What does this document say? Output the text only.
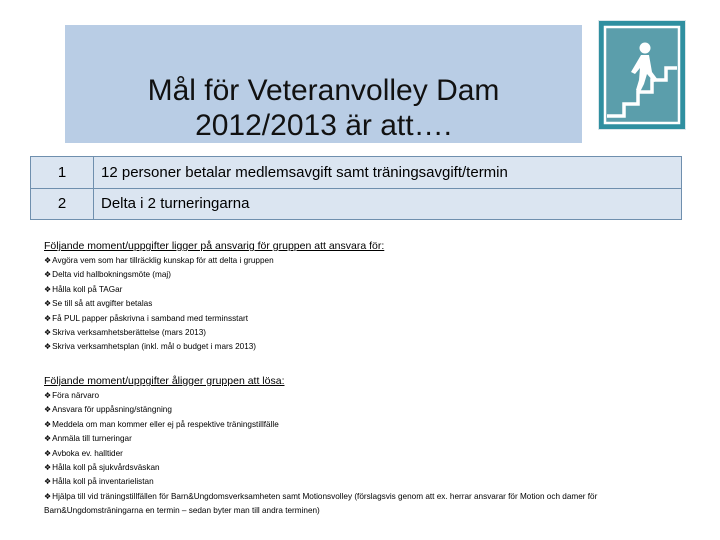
Mål för Veteranvolley Dam
2012/2013 är att….
1	12 personer betalar medlemsavgift samt träningsavgift/termin
2	Delta i 2 turneringarna
Följande moment/uppgifter ligger på ansvarig för gruppen att ansvara för:
❖Avgöra vem som har tillräcklig kunskap för att delta i gruppen
❖Delta vid hallbokningsmöte (maj)
❖Hålla koll på TAGar
❖Se till så att avgifter betalas
❖Få PUL papper påskrivna i samband med terminsstart
❖Skriva verksamhetsberättelse (mars 2013)
❖Skriva verksamhetsplan (inkl. mål o budget i mars 2013)
Följande moment/uppgifter åligger gruppen att lösa:
❖Föra närvaro
❖Ansvara för uppåsning/stängning
❖Meddela om man kommer eller ej på respektive träningstillfälle
❖Anmäla till turneringar
❖Avboka ev. halltider
❖Hålla koll på sjukvårdsväskan
❖Hålla koll på inventarielistan
❖Hjälpa till vid träningstillfällen för Barn&Ungdomsverksamheten samt Motionsvolley (förslagsvis genom att ex. herrar ansvarar för Motion och damer för Barn&Ungdomsträningarna en termin – sedan byter man till andra terminen)
